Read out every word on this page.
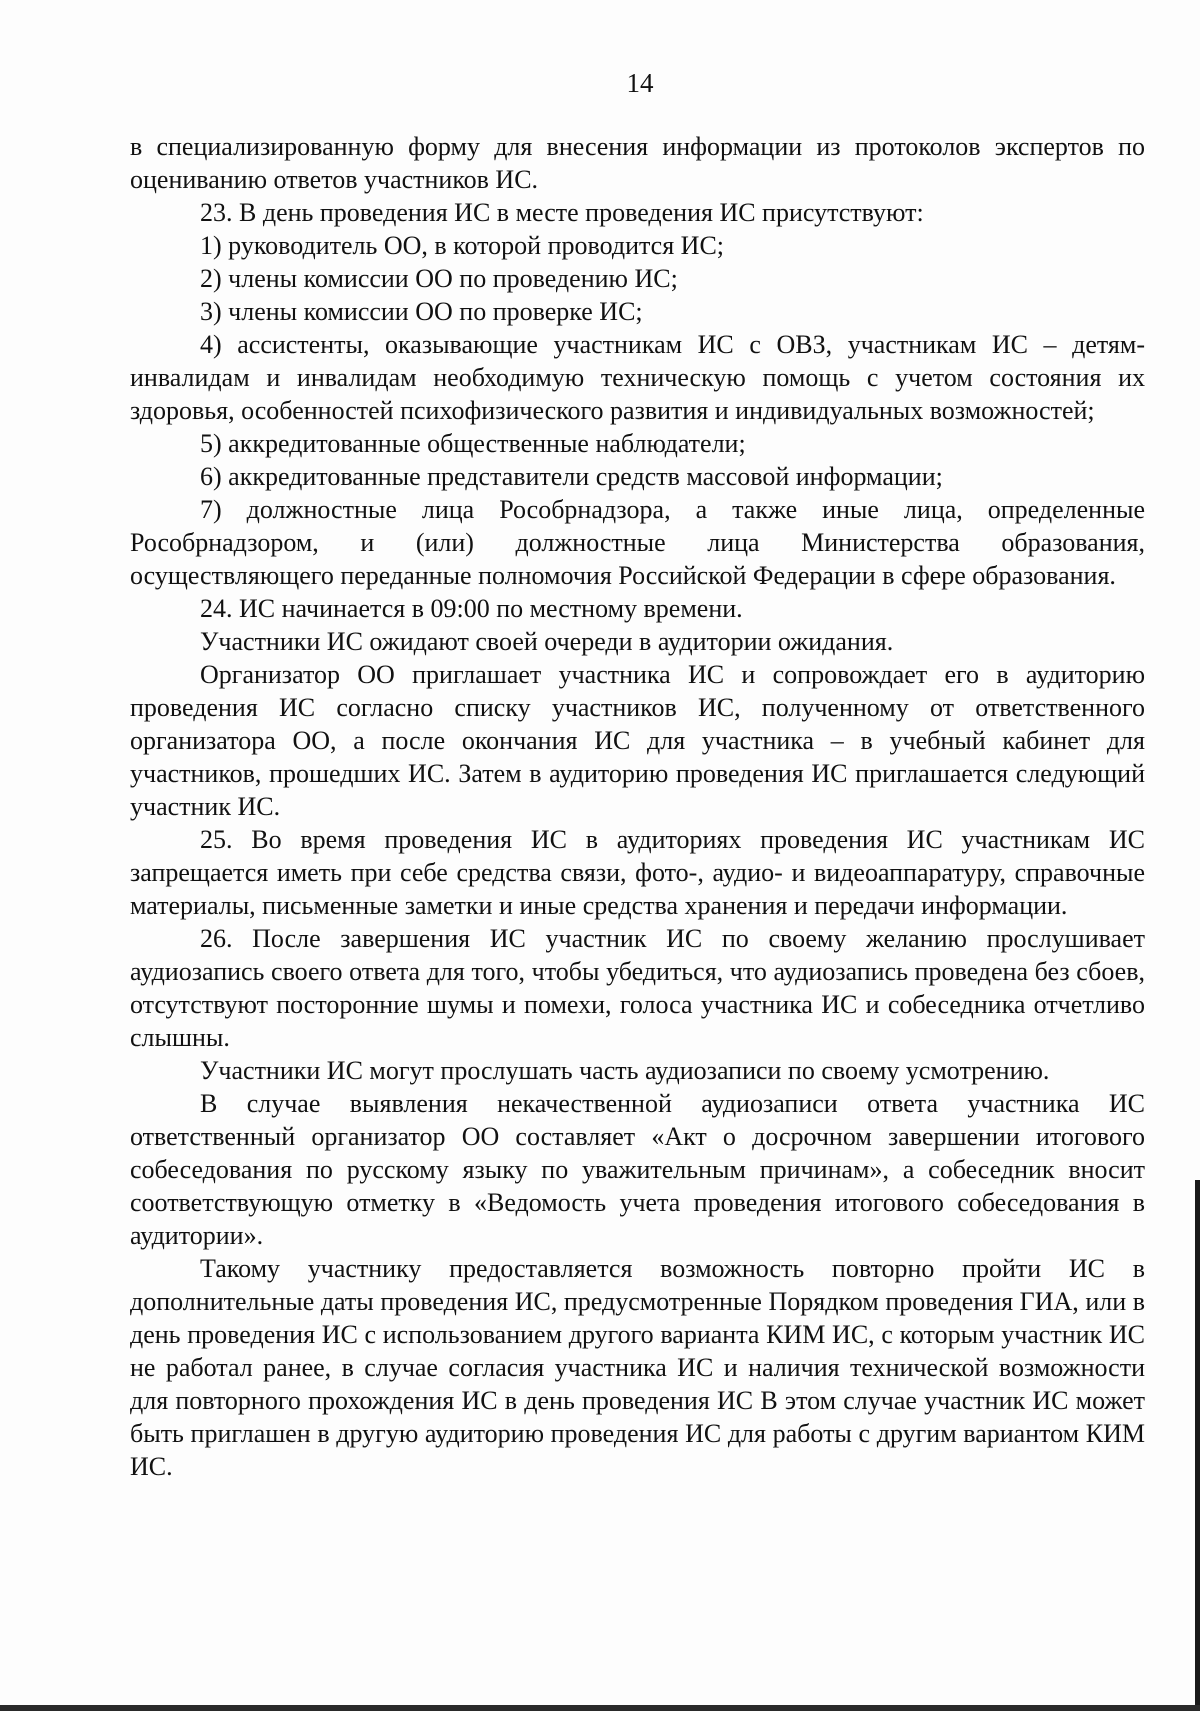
14

в специализированную форму для внесения информации из протоколов экспертов по оцениванию ответов участников ИС.

23. В день проведения ИС в месте проведения ИС присутствуют:

1) руководитель ОО, в которой проводится ИС;

2) члены комиссии ОО по проведению ИС;

3) члены комиссии ОО по проверке ИС;

4) ассистенты, оказывающие участникам ИС с ОВЗ, участникам ИС – детям-инвалидам и инвалидам необходимую техническую помощь с учетом состояния их здоровья, особенностей психофизического развития и индивидуальных возможностей;

5) аккредитованные общественные наблюдатели;

6) аккредитованные представители средств массовой информации;

7) должностные лица Рособрнадзора, а также иные лица, определенные Рособрнадзором, и (или) должностные лица Министерства образования, осуществляющего переданные полномочия Российской Федерации в сфере образования.

24. ИС начинается в 09:00 по местному времени.

Участники ИС ожидают своей очереди в аудитории ожидания.

Организатор ОО приглашает участника ИС и сопровождает его в аудиторию проведения ИС согласно списку участников ИС, полученному от ответственного организатора ОО, а после окончания ИС для участника – в учебный кабинет для участников, прошедших ИС. Затем в аудиторию проведения ИС приглашается следующий участник ИС.

25. Во время проведения ИС в аудиториях проведения ИС участникам ИС запрещается иметь при себе средства связи, фото-, аудио- и видеоаппаратуру, справочные материалы, письменные заметки и иные средства хранения и передачи информации.

26. После завершения ИС участник ИС по своему желанию прослушивает аудиозапись своего ответа для того, чтобы убедиться, что аудиозапись проведена без сбоев, отсутствуют посторонние шумы и помехи, голоса участника ИС и собеседника отчетливо слышны.

Участники ИС могут прослушать часть аудиозаписи по своему усмотрению.

В случае выявления некачественной аудиозаписи ответа участника ИС ответственный организатор ОО составляет «Акт о досрочном завершении итогового собеседования по русскому языку по уважительным причинам», а собеседник вносит соответствующую отметку в «Ведомость учета проведения итогового собеседования в аудитории».

Такому участнику предоставляется возможность повторно пройти ИС в дополнительные даты проведения ИС, предусмотренные Порядком проведения ГИА, или в день проведения ИС с использованием другого варианта КИМ ИС, с которым участник ИС не работал ранее, в случае согласия участника ИС и наличия технической возможности для повторного прохождения ИС в день проведения ИС В этом случае участник ИС может быть приглашен в другую аудиторию проведения ИС для работы с другим вариантом КИМ ИС.
